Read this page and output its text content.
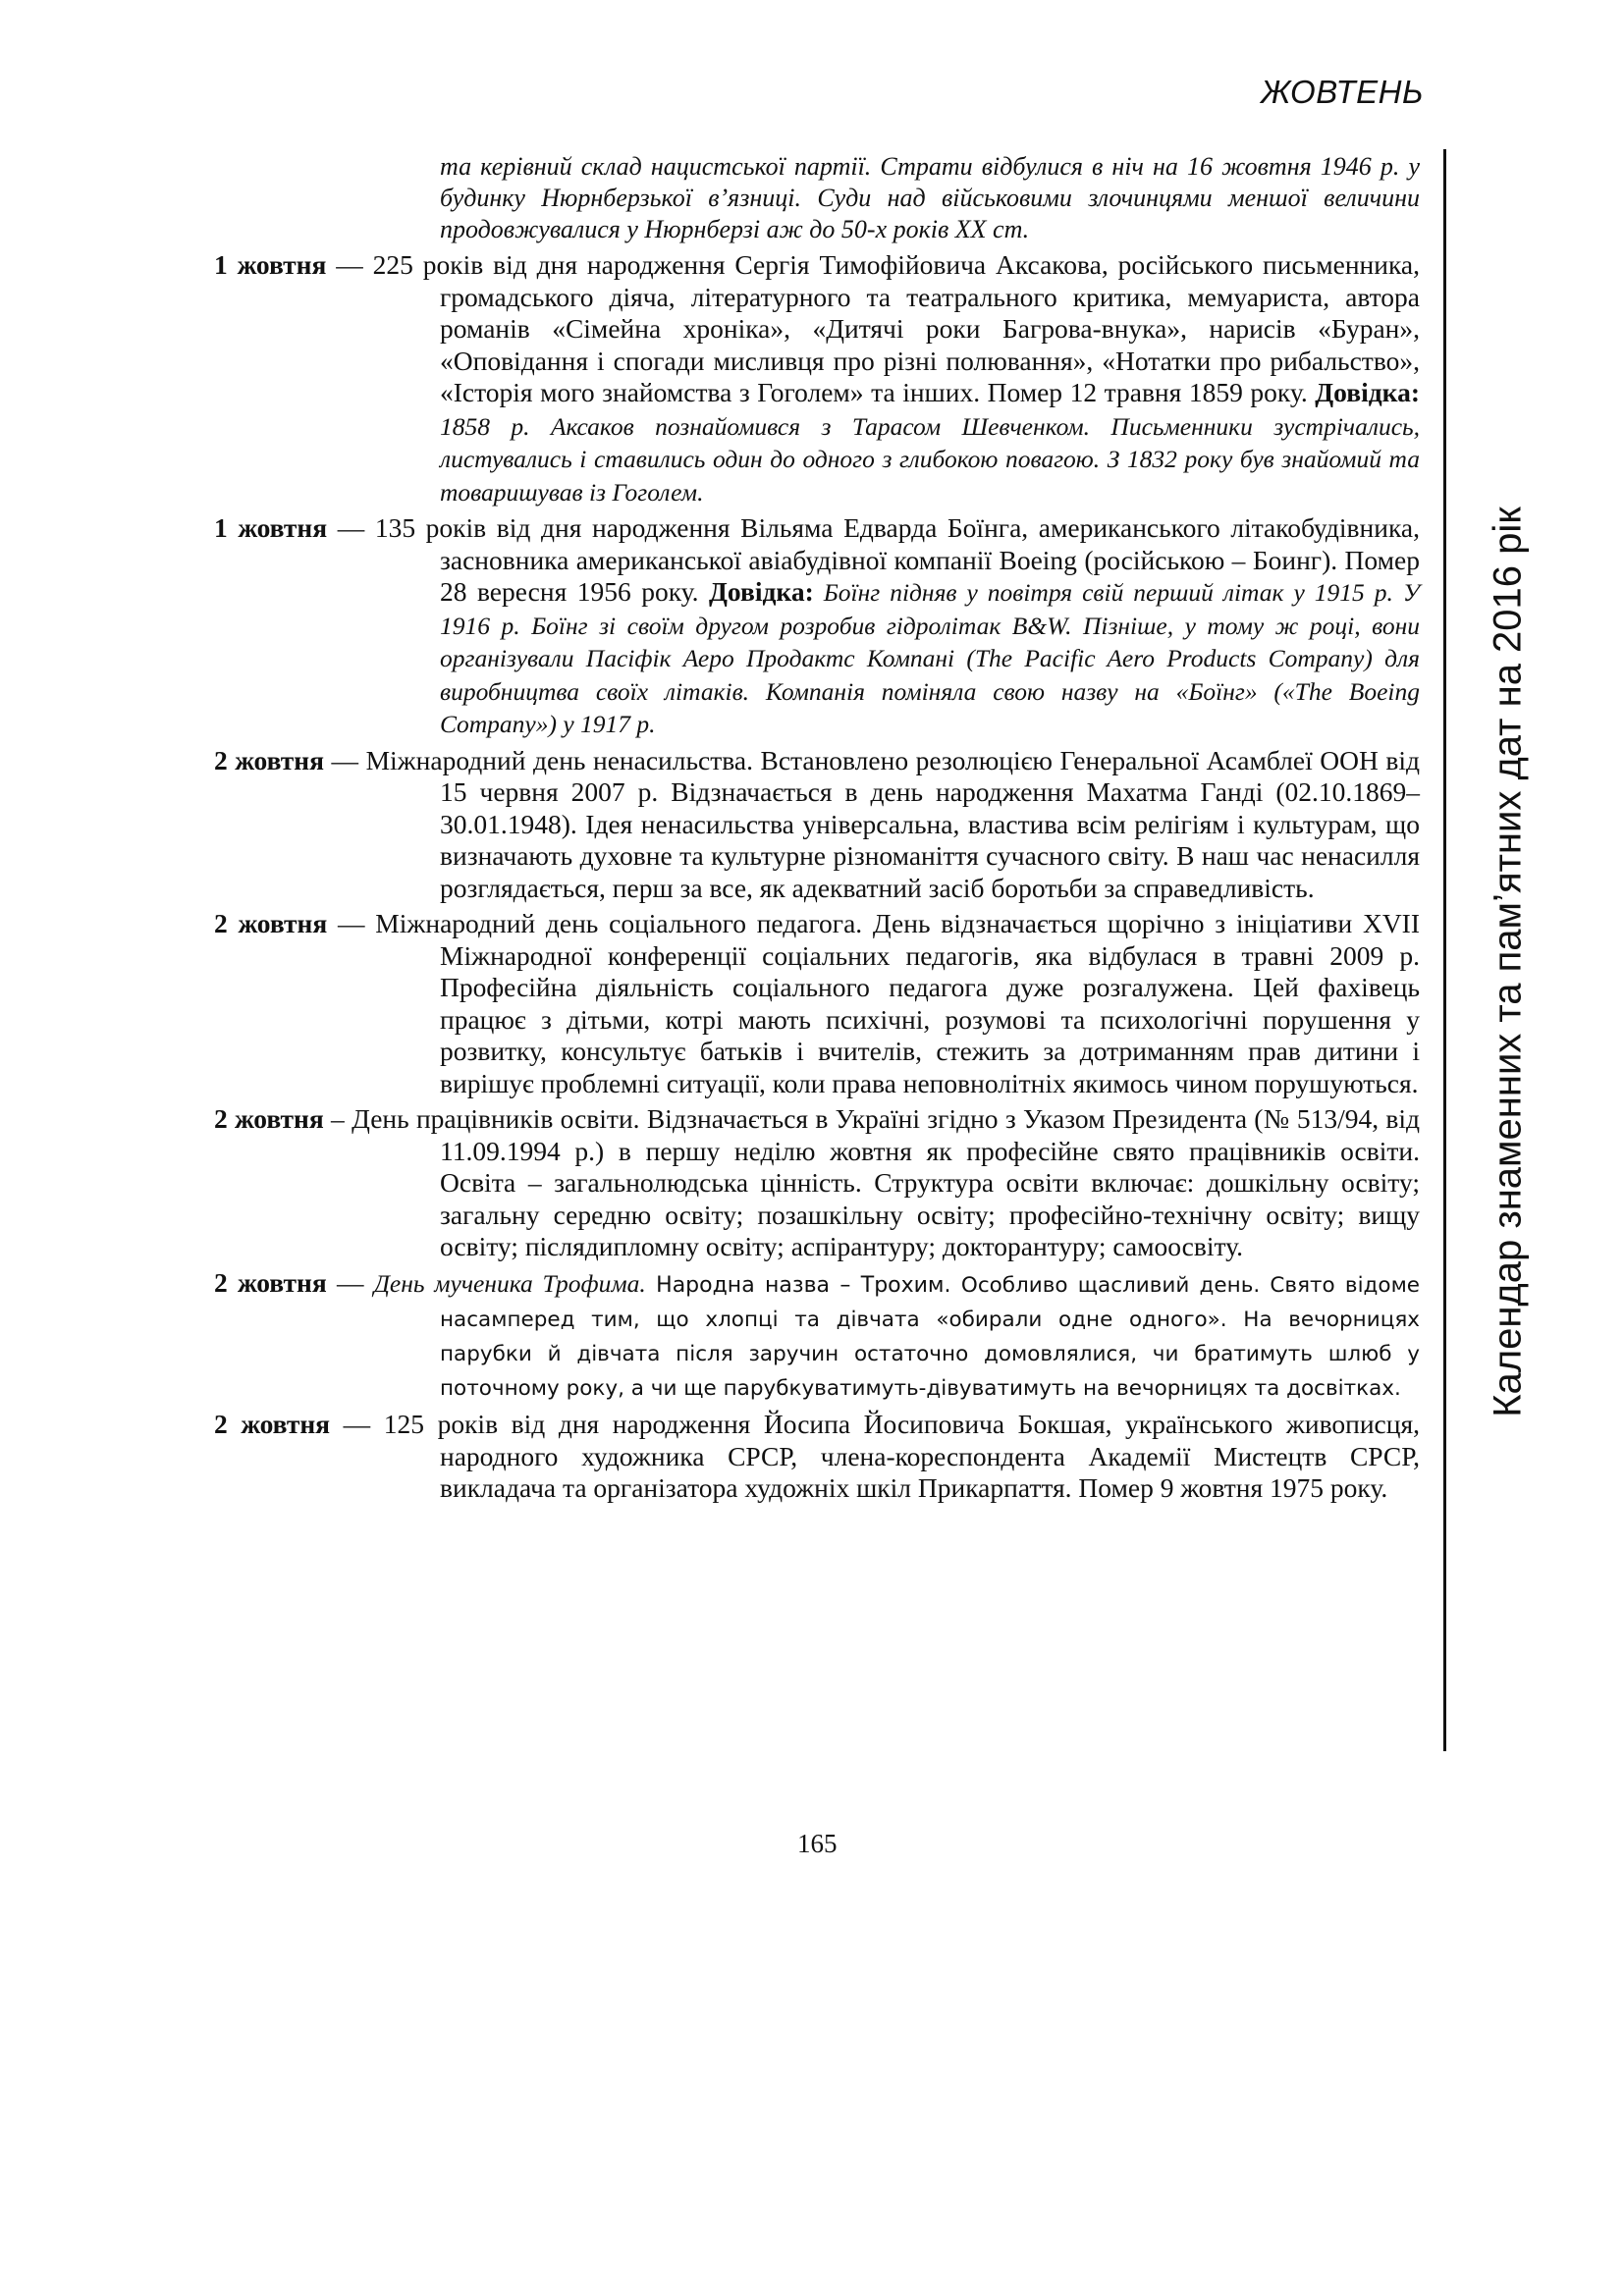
ЖОВТЕНЬ
Календар знаменних та пам’ятних дат на 2016 рік
та керівний склад нацистської партії. Страти відбулися в ніч на 16 жовтня 1946 р. у будинку Нюрнберзької в’язниці. Суди над військовими злочинцями меншої величини продовжувалися у Нюрнберзі аж до 50-х років XX ст.
1 жовтня — 225 років від дня народження Сергія Тимофійовича Аксакова, російського письменника, громадського діяча, літературного та театрального критика, мемуариста, автора романів «Сімейна хроніка», «Дитячі роки Багрова-внука», нарисів «Буран», «Оповідання і спогади мисливця про різні полювання», «Нотатки про рибальство», «Історія мого знайомства з Гоголем» та інших. Помер 12 травня 1859 року. Довідка: 1858 р. Аксаков познайомився з Тарасом Шевченком. Письменники зустрічались, листувались і ставились один до одного з глибокою повагою. З 1832 року був знайомий та товаришував із Гоголем.
1 жовтня — 135 років від дня народження Вільяма Едварда Боїнга, американського літакобудівника, засновника американської авіабудівної компанії Boeing (російською – Боинг). Помер 28 вересня 1956 року. Довідка: Боїнг підняв у повітря свій перший літак у 1915 р. У 1916 р. Боїнг зі своїм другом розробив гідролітак B&W. Пізніше, у тому ж році, вони організували Пасіфік Аеро Продактс Компані (The Pacific Aero Products Company) для виробництва своїх літаків. Компанія поміняла свою назву на «Боїнг» («The Boeing Company») у 1917 р.
2 жовтня — Міжнародний день ненасильства. Встановлено резолюцією Генеральної Асамблеї ООН від 15 червня 2007 р. Відзначається в день народження Махатма Ганді (02.10.1869–30.01.1948). Ідея ненасильства універсальна, властива всім релігіям і культурам, що визначають духовне та культурне різноманіття сучасного світу. В наш час ненасилля розглядається, перш за все, як адекватний засіб боротьби за справедливість.
2 жовтня — Міжнародний день соціального педагога. День відзначається щорічно з ініціативи XVII Міжнародної конференції соціальних педагогів, яка відбулася в травні 2009 р. Професійна діяльність соціального педагога дуже розгалужена. Цей фахівець працює з дітьми, котрі мають психічні, розумові та психологічні порушення у розвитку, консультує батьків і вчителів, стежить за дотриманням прав дитини і вирішує проблемні ситуації, коли права неповнолітніх якимось чином порушуються.
2 жовтня – День працівників освіти. Відзначається в Україні згідно з Указом Президента (№ 513/94, від 11.09.1994 р.) в першу неділю жовтня як професійне свято працівників освіти. Освіта – загальнолюдська цінність. Структура освіти включає: дошкільну освіту; загальну середню освіту; позашкільну освіту; професійно-технічну освіту; вищу освіту; післядипломну освіту; аспірантуру; докторантуру; самоосвіту.
2 жовтня — День мученика Трофима. Народна назва – Трохим. Особливо щасливий день. Свято відоме насамперед тим, що хлопці та дівчата «обирали одне одного». На вечорницях парубки й дівчата після заручин остаточно домовлялися, чи братимуть шлюб у поточному року, а чи ще парубкуватимуть-дівуватимуть на вечорницях та досвітках.
2 жовтня — 125 років від дня народження Йосипа Йосиповича Бокшая, українського живописця, народного художника СРСР, члена-кореспондента Академії Мистецтв СРСР, викладача та організатора художніх шкіл Прикарпаття. Помер 9 жовтня 1975 року.
165
